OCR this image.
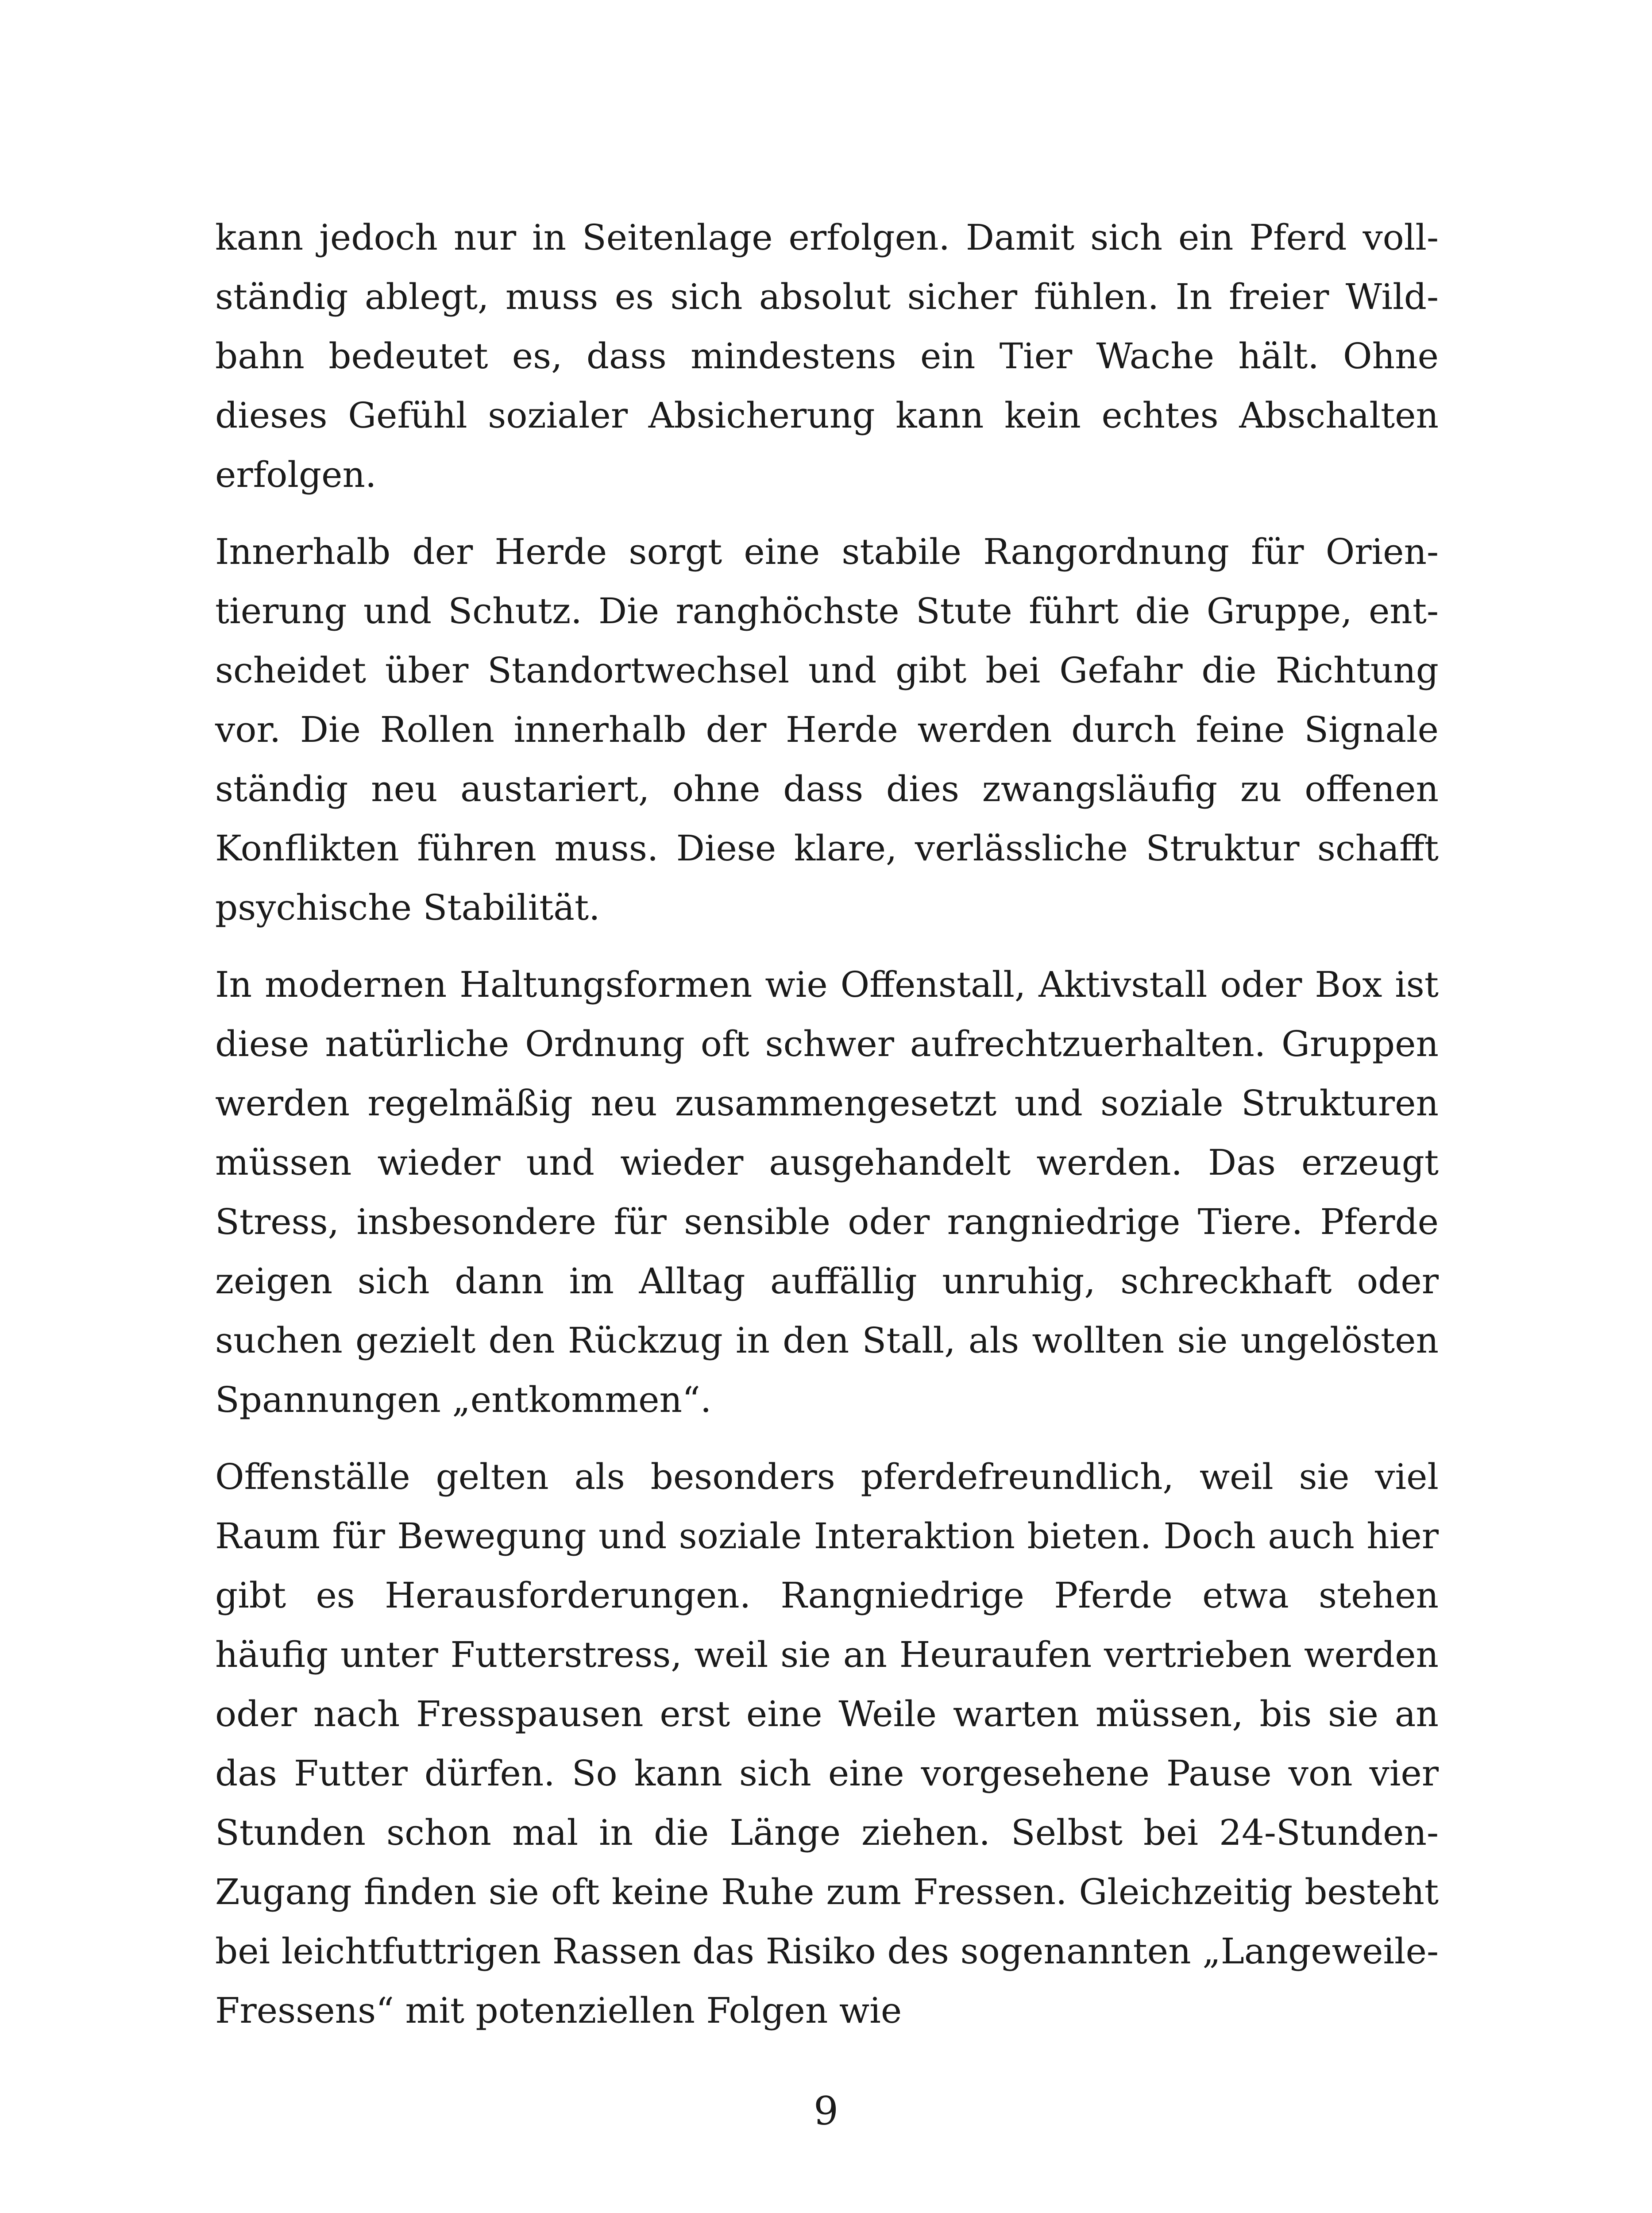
kann jedoch nur in Seitenlage erfolgen. Damit sich ein Pferd vollständig ablegt, muss es sich absolut sicher fühlen. In freier Wildbahn bedeutet es, dass mindestens ein Tier Wache hält. Ohne dieses Gefühl sozialer Absicherung kann kein echtes Abschalten erfolgen.

Innerhalb der Herde sorgt eine stabile Rangordnung für Orientierung und Schutz. Die ranghöchste Stute führt die Gruppe, entscheidet über Standortwechsel und gibt bei Gefahr die Richtung vor. Die Rollen innerhalb der Herde werden durch feine Signale ständig neu austariert, ohne dass dies zwangsläufig zu offenen Konflikten führen muss. Diese klare, verlässliche Struktur schafft psychische Stabilität.

In modernen Haltungsformen wie Offenstall, Aktivstall oder Box ist diese natürliche Ordnung oft schwer aufrechtzuerhalten. Gruppen werden regelmäßig neu zusammengesetzt und soziale Strukturen müssen wieder und wieder ausgehandelt werden. Das erzeugt Stress, insbesondere für sensible oder rangniedrige Tiere. Pferde zeigen sich dann im Alltag auffällig unruhig, schreckhaft oder suchen gezielt den Rückzug in den Stall, als wollten sie ungelösten Spannungen „entkommen“.

Offenställe gelten als besonders pferdefreundlich, weil sie viel Raum für Bewegung und soziale Interaktion bieten. Doch auch hier gibt es Herausforderungen. Rangniedrige Pferde etwa stehen häufig unter Futterstress, weil sie an Heuraufen vertrieben werden oder nach Fresspausen erst eine Weile warten müssen, bis sie an das Futter dürfen. So kann sich eine vorgesehene Pause von vier Stunden schon mal in die Länge ziehen. Selbst bei 24-Stunden-Zugang finden sie oft keine Ruhe zum Fressen. Gleichzeitig besteht bei leichtfuttrigen Rassen das Risiko des sogenannten „Langeweile-Fressens“ mit potenziellen Folgen wie

9
